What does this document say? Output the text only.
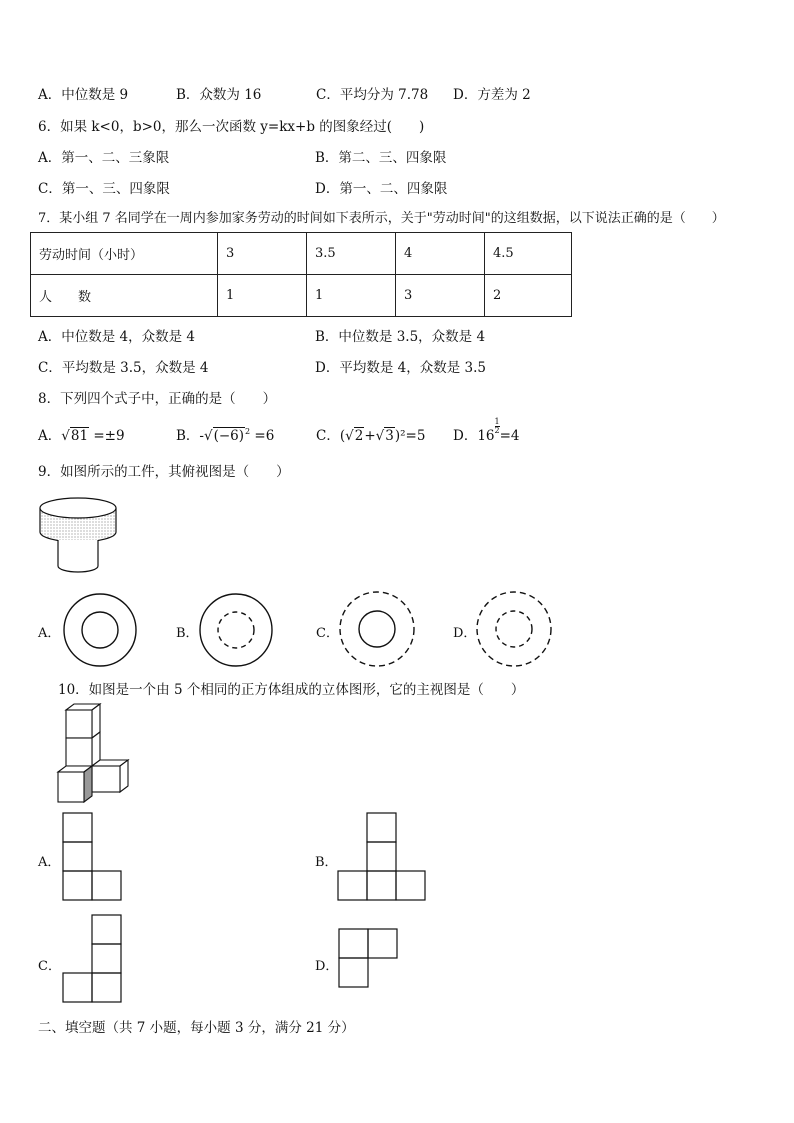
A．中位数是 9	B．众数为 16	C．平均分为 7.78 D．方差为 2
6．如果 k<0，b>0，那么一次函数 y=kx+b 的图象经过(　　)
A．第一、二、三象限	B．第二、三、四象限
C．第一、三、四象限	D．第一、二、四象限
7．某小组 7 名同学在一周内参加家务劳动的时间如下表所示，关于"劳动时间"的这组数据，以下说法正确的是（　　）
劳动时间（小时）	3	3.5	4	4.5
人　　数	1	1	3	2
A．中位数是 4，众数是 4	B．中位数是 3.5，众数是 4
C．平均数是 3.5，众数是 4	D．平均数是 4，众数是 3.5
8．下列四个式子中，正确的是（　　）
A．√81 =±9	B．$-√(-6)^2 =6$	C．(√2+√3)²=5 D．$16\frac{1}{2}$
=4
9．如图所示的工件，其俯视图是（　　）
A．	B．	C．	D．
10．如图是一个由 5 个相同的正方体组成的立体图形，它的主视图是（　　）
A．	B．
C．	D．
二、填空题（共 7 小题，每小题 3 分，满分 21 分）
